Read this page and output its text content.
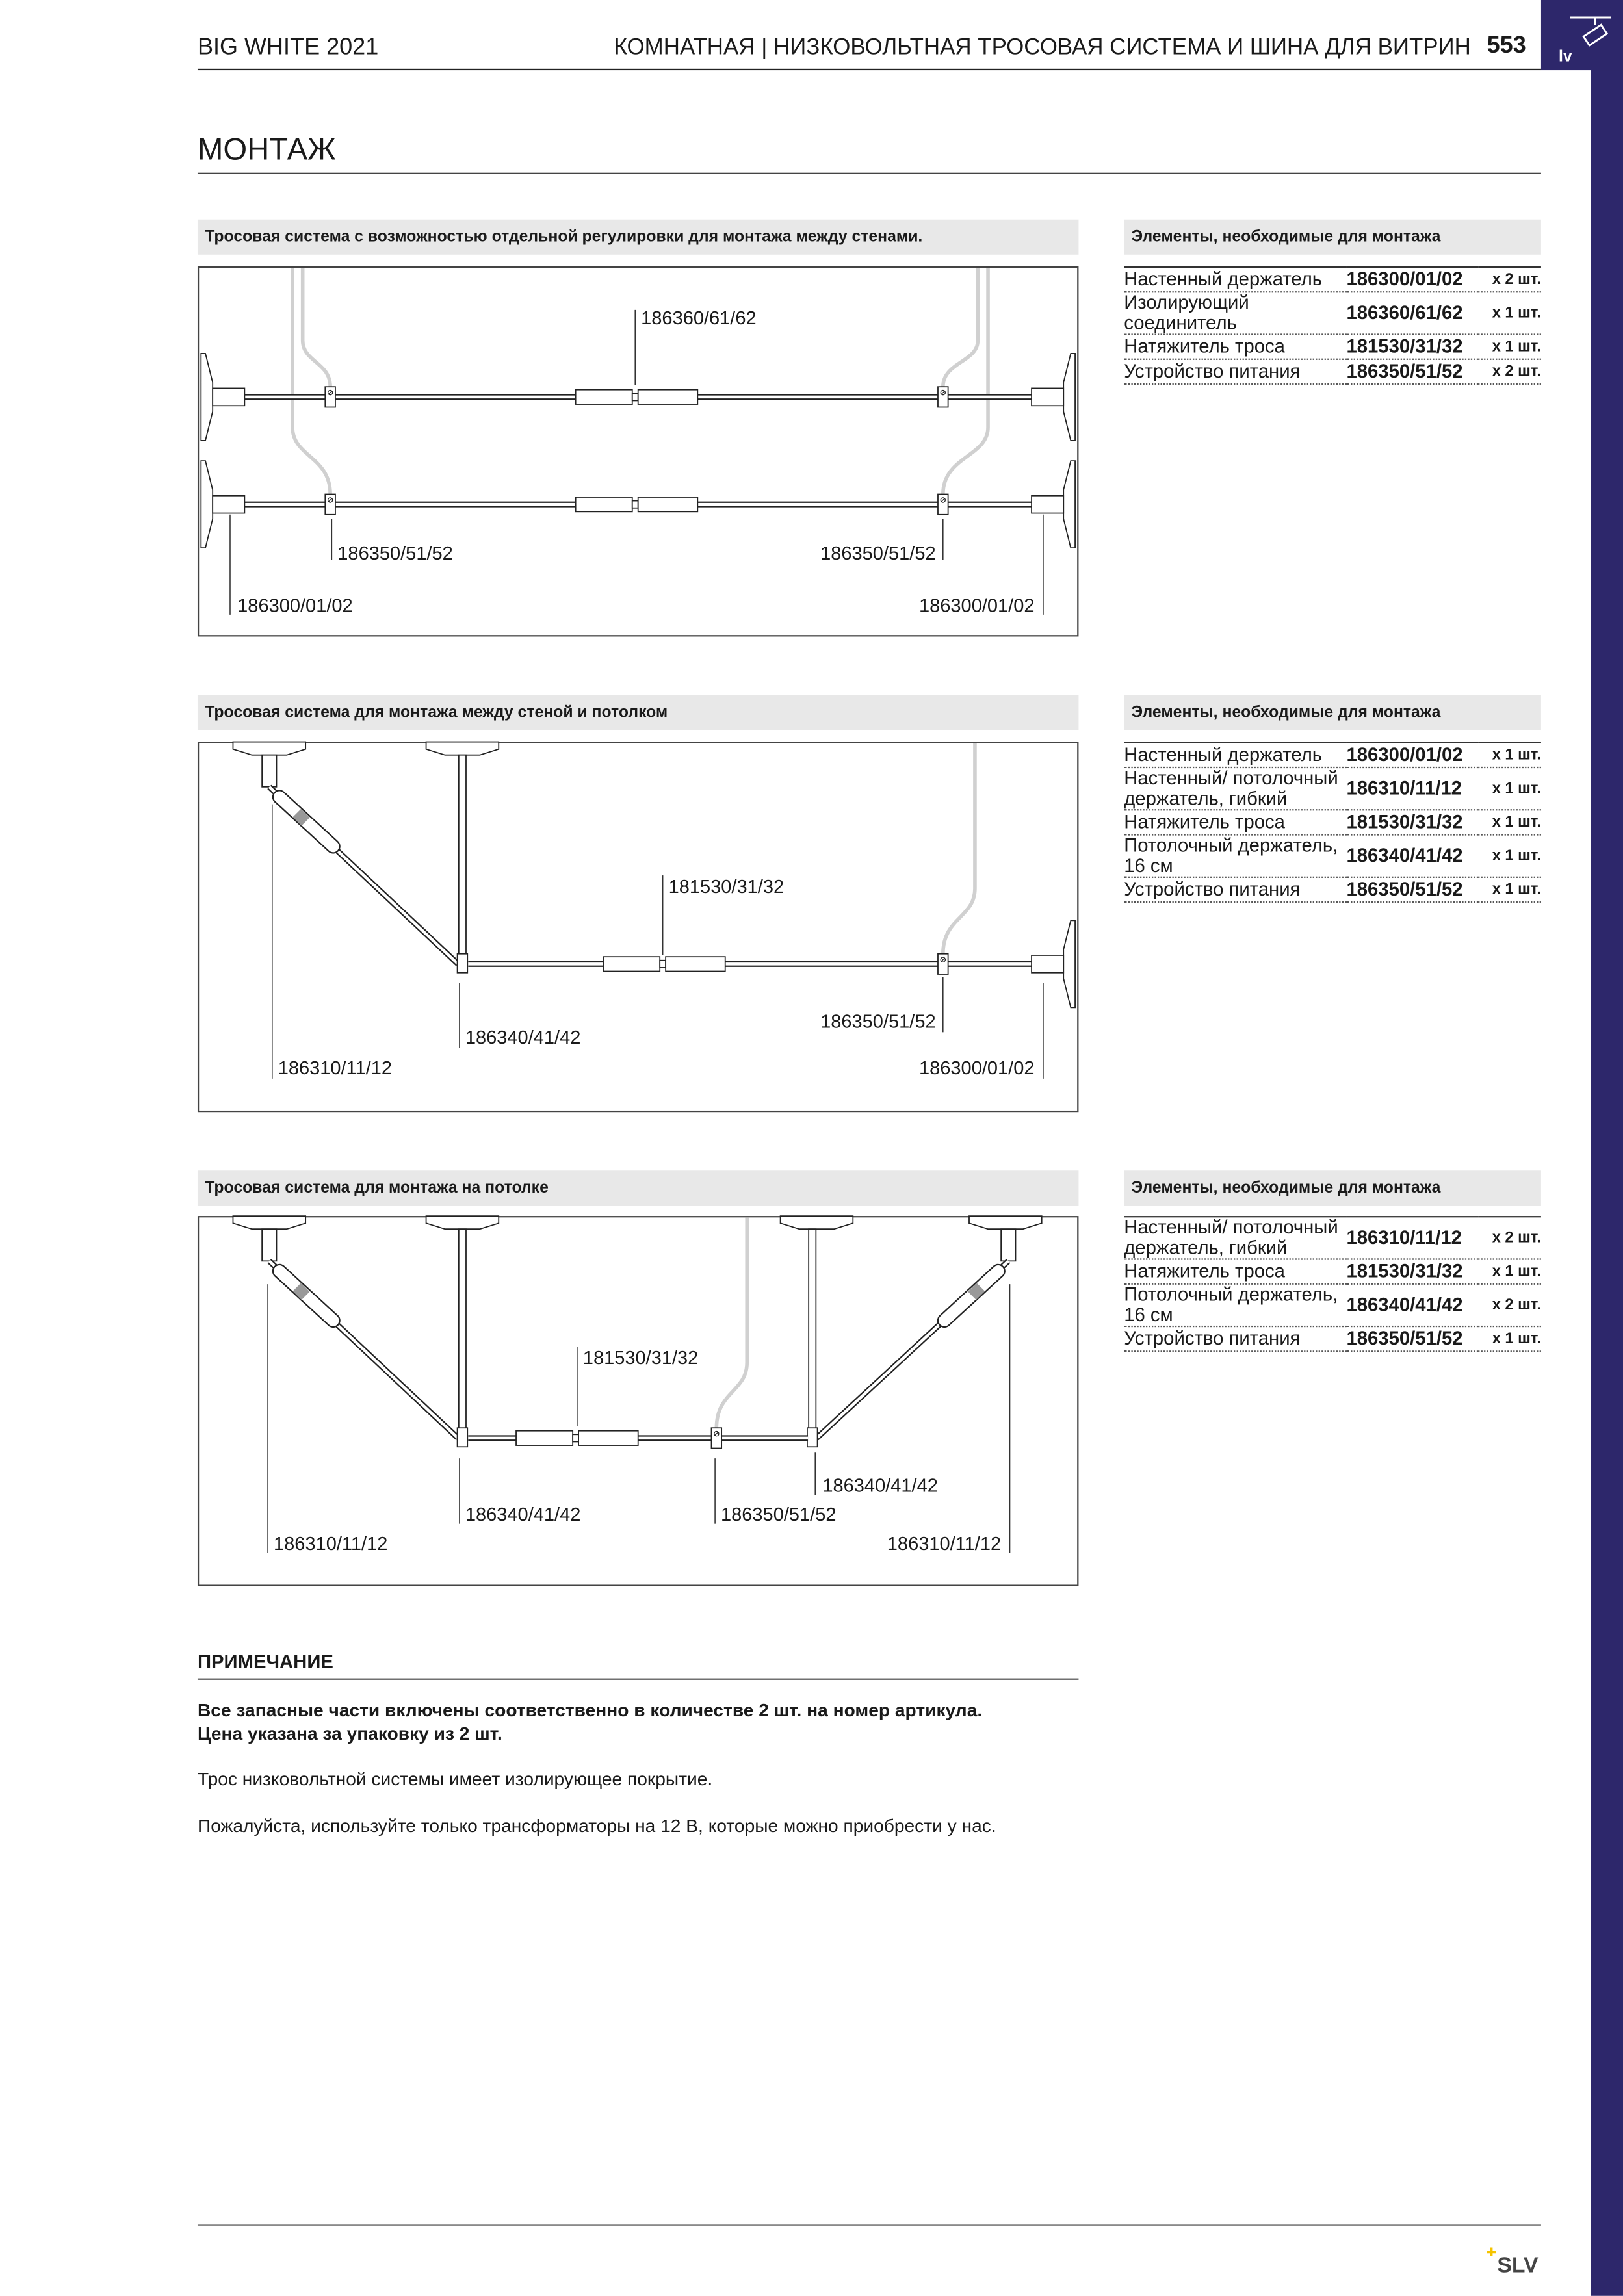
lv
BIG WHITE 2021	КОМНАТНАЯ | НИЗКОВОЛЬТНАЯ ТРОСОВАЯ СИСТЕМА И ШИНА ДЛЯ ВИТРИН 553
МОНТАЖ
Тросовая система с возможностью отдельной регулировки для монтажа между стенами.	Элементы, необходимые для монтажа
186360/61/62
186350/51/52	186350/51/52
186300/01/02	186300/01/02
Настенный держатель	186300/01/02	x 2 шт.
Изолирующий соединитель	186360/61/62	x 1 шт.
Натяжитель троса	181530/31/32	x 1 шт.
Устройство питания	186350/51/52	x 2 шт.
Тросовая система для монтажа между стеной и потолком	Элементы, необходимые для монтажа
181530/31/32
186340/41/42
186310/11/12
186350/51/52
186300/01/02
Настенный держатель	186300/01/02	x 1 шт.
Настенный/ потолочный держатель, гибкий	186310/11/12	x 1 шт.
Натяжитель троса	181530/31/32	x 1 шт.
Потолочный держатель, 16 см	186340/41/42	x 1 шт.
Устройство питания	186350/51/52	x 1 шт.
Тросовая система для монтажа на потолке	Элементы, необходимые для монтажа
181530/31/32
186340/41/42	186350/51/52
186340/41/42
186310/11/12	186310/11/12
Настенный/ потолочный держатель, гибкий	186310/11/12	x 2 шт.
Натяжитель троса	181530/31/32	x 1 шт.
Потолочный держатель, 16 см	186340/41/42	x 2 шт.
Устройство питания	186350/51/52	x 1 шт.
ПРИМЕЧАНИЕ
Все запасные части включены соответственно в количестве 2 шт. на номер артикула.
Цена указана за упаковку из 2 шт.
Трос низковольтной системы имеет изолирующее покрытие.
Пожалуйста, используйте только трансформаторы на 12 В, которые можно приобрести у нас.
SLV
